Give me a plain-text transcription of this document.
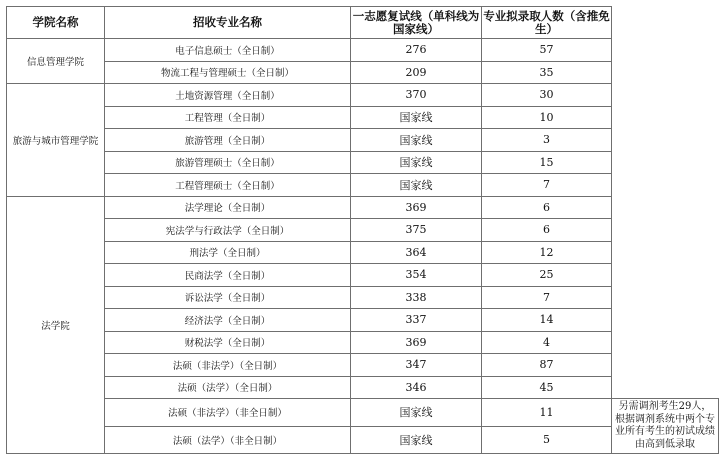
学院名称	招收专业名称	一志愿复试线（单科线为国家线）	专业拟录取人数（含推免生）	
信息管理学院	电子信息硕士（全日制）	276	57	
	物流工程与管理硕士（全日制）	209	35	
旅游与城市管理学院	土地资源管理（全日制）	370	30	
	工程管理（全日制）	国家线	10	
	旅游管理（全日制）	国家线	3	
	旅游管理硕士（全日制）	国家线	15	
	工程管理硕士（全日制）	国家线	7	
法学院	法学理论（全日制）	369	6	
	宪法学与行政法学（全日制）	375	6	
	刑法学（全日制）	364	12	
	民商法学（全日制）	354	25	
	诉讼法学（全日制）	338	7	
	经济法学（全日制）	337	14	
	财税法学（全日制）	369	4	
	法硕（非法学）（全日制）	347	87	
	法硕（法学）（全日制）	346	45	
	法硕（非法学）（非全日制）	国家线	11	另需调剂考生29人，根据调剂系统中两个专业所有考生的初试成绩由高到低录取
	法硕（法学）（非全日制）	国家线	5	
